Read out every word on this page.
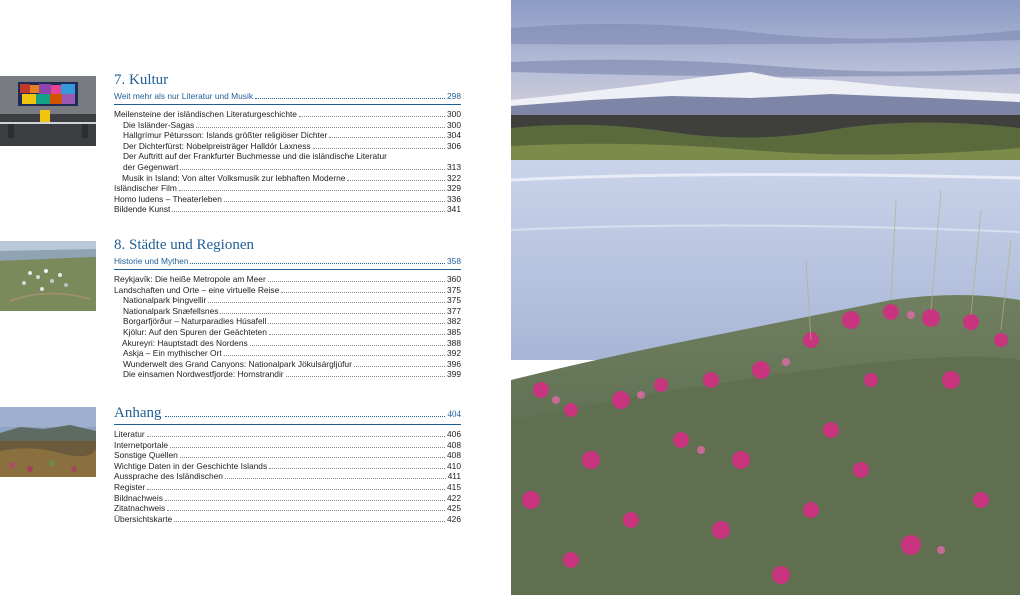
7. Kultur
Weit mehr als nur Literatur und Musik	298
Meilensteine der isländischen Literaturgeschichte	300
Die Isländer-Sagas	300
Hallgrímur Pétursson: Islands größter religiöser Dichter	304
Der Dichterfürst: Nobelpreisträger Halldór Laxness	306
Der Auftritt auf der Frankfurter Buchmesse und die isländische Literatur
der Gegenwart	313
Musik in Island: Von alter Volksmusik zur lebhaften Moderne	322
Isländischer Film	329
Homo ludens – Theaterleben	336
Bildende Kunst	341
8. Städte und Regionen
Historie und Mythen	358
Reykjavík: Die heiße Metropole am Meer	360
Landschaften und Orte – eine virtuelle Reise	375
Nationalpark Þingvellir	375
Nationalpark Snæfellsnes	377
Borgarfjörður – Naturparadies Húsafell	382
Kjölur: Auf den Spuren der Geächteten	385
Akureyri: Hauptstadt des Nordens	388
Askja – Ein mythischer Ort	392
Wunderwelt des Grand Canyons: Nationalpark Jökulsárgljúfur	396
Die einsamen Nordwestfjorde: Hornstrandir	399
Anhang	404
Literatur	406
Internetportale	408
Sonstige Quellen	408
Wichtige Daten in der Geschichte Islands	410
Aussprache des Isländischen	411
Register	415
Bildnachweis	422
Zitatnachweis	425
Übersichtskarte	426
